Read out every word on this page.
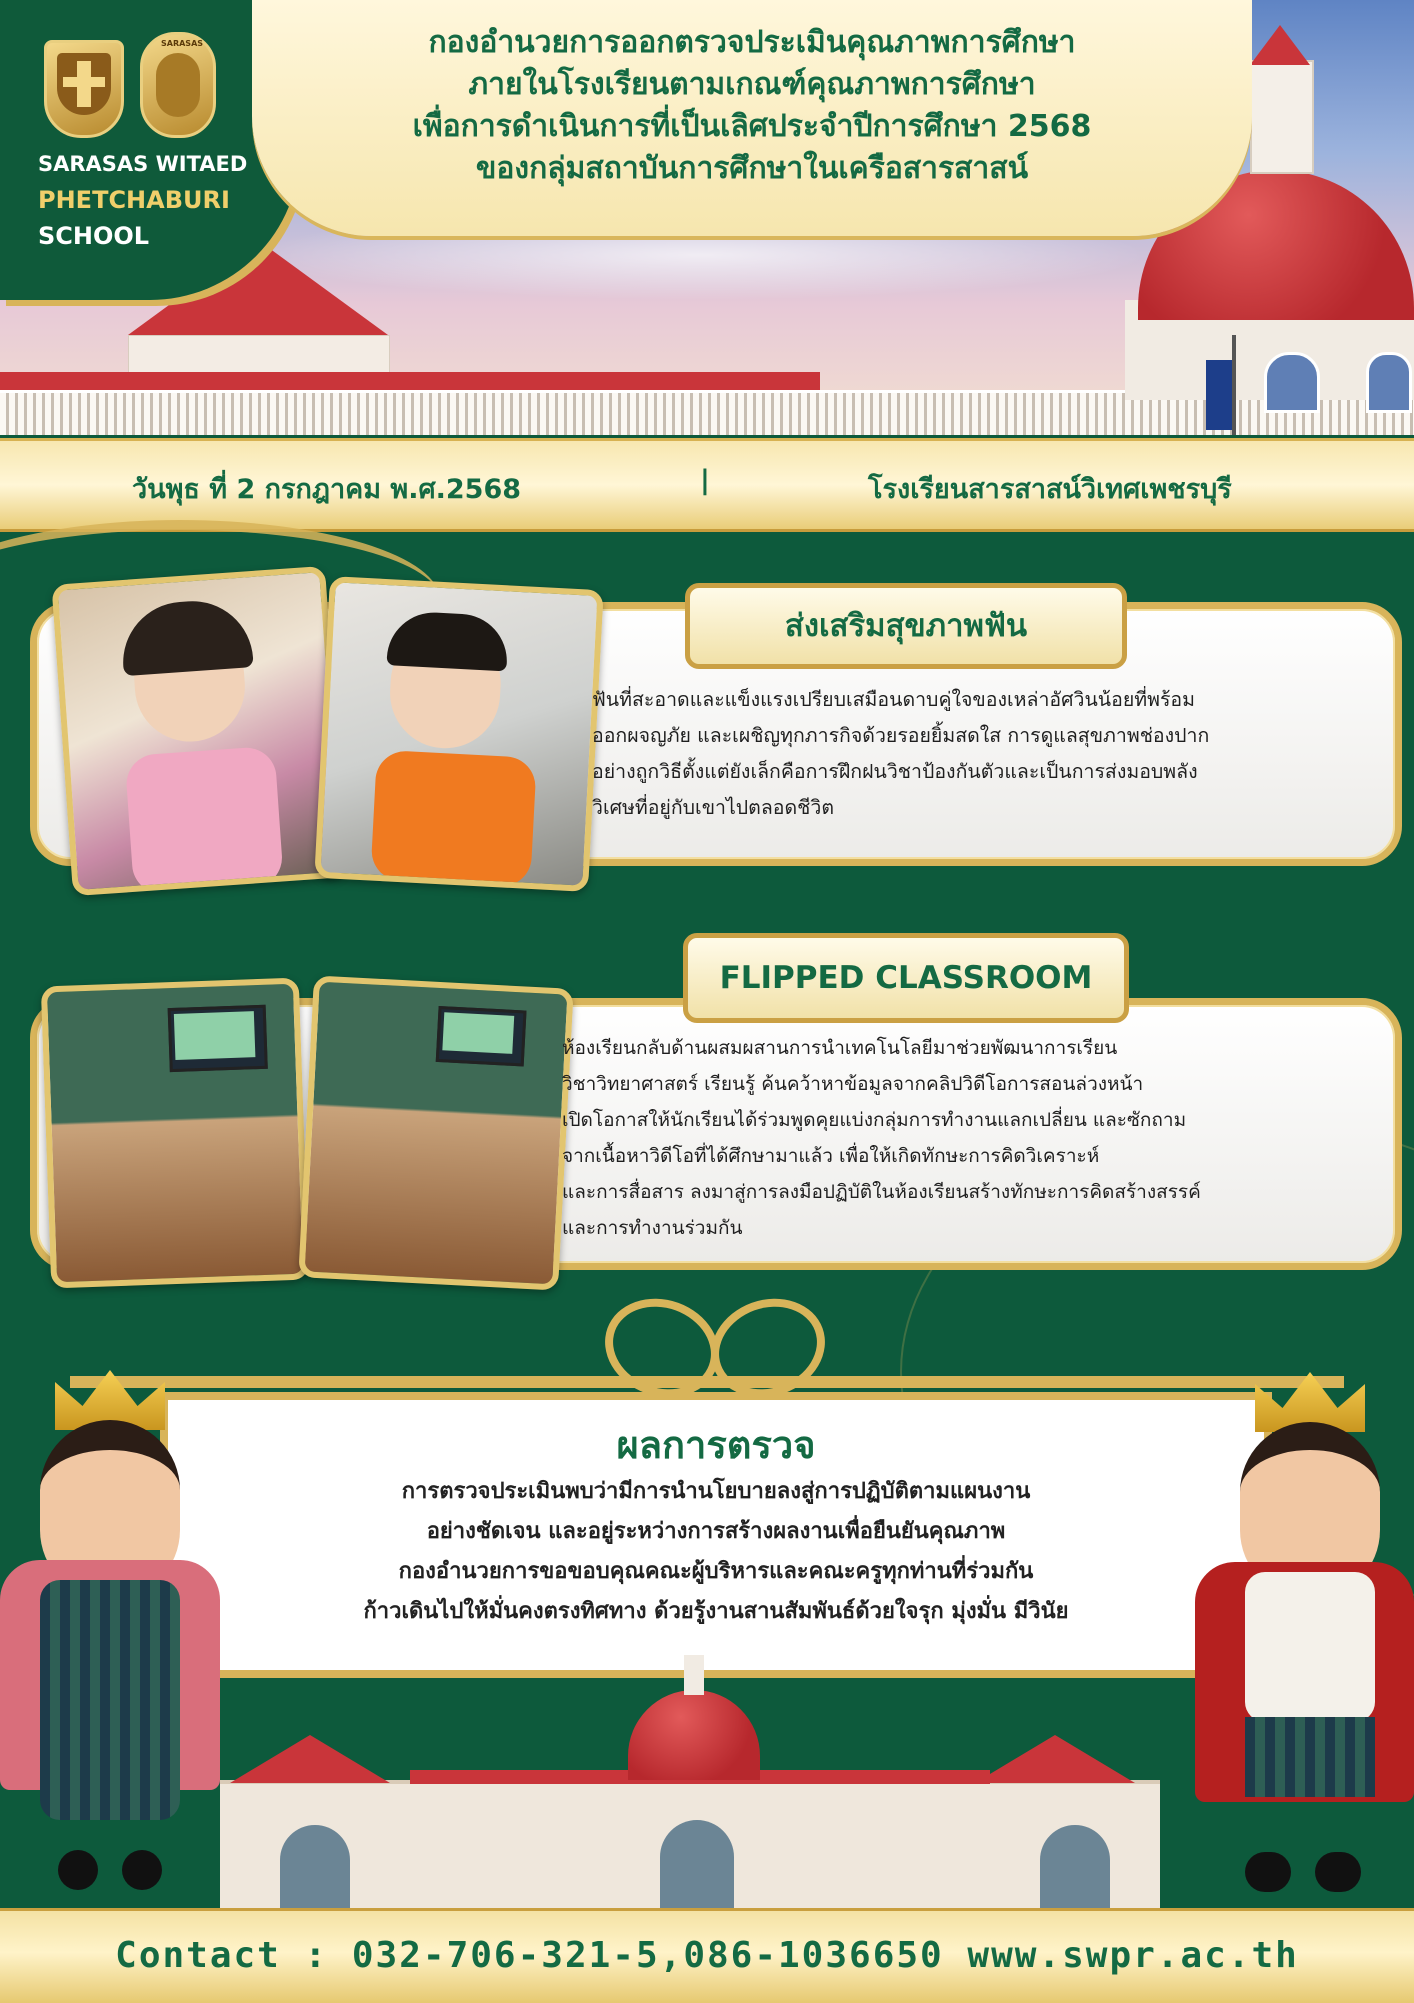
SARASAS
SARASAS WITAED
PHETCHABURI
SCHOOL
กองอำนวยการออกตรวจประเมินคุณภาพการศึกษา
ภายในโรงเรียนตามเกณฑ์คุณภาพการศึกษา
เพื่อการดำเนินการที่เป็นเลิศประจำปีการศึกษา 2568
ของกลุ่มสถาบันการศึกษาในเครือสารสาสน์
วันพุธ ที่ 2 กรกฎาคม พ.ศ.2568	|	โรงเรียนสารสาสน์วิเทศเพชรบุรี
ส่งเสริมสุขภาพฟัน
ฟันที่สะอาดและแข็งแรงเปรียบเสมือนดาบคู่ใจของเหล่าอัศวินน้อยที่พร้อม
ออกผจญภัย และเผชิญทุกภารกิจด้วยรอยยิ้มสดใส การดูแลสุขภาพช่องปาก
อย่างถูกวิธีตั้งแต่ยังเล็กคือการฝึกฝนวิชาป้องกันตัวและเป็นการส่งมอบพลัง
วิเศษที่อยู่กับเขาไปตลอดชีวิต
FLIPPED CLASSROOM
ห้องเรียนกลับด้านผสมผสานการนำเทคโนโลยีมาช่วยพัฒนาการเรียน
วิชาวิทยาศาสตร์ เรียนรู้ ค้นคว้าหาข้อมูลจากคลิปวิดีโอการสอนล่วงหน้า
เปิดโอกาสให้นักเรียนได้ร่วมพูดคุยแบ่งกลุ่มการทำงานแลกเปลี่ยน และซักถาม
จากเนื้อหาวิดีโอที่ได้ศึกษามาแล้ว เพื่อให้เกิดทักษะการคิดวิเคราะห์
และการสื่อสาร ลงมาสู่การลงมือปฏิบัติในห้องเรียนสร้างทักษะการคิดสร้างสรรค์
และการทำงานร่วมกัน
ผลการตรวจ
การตรวจประเมินพบว่ามีการนำนโยบายลงสู่การปฏิบัติตามแผนงาน
อย่างชัดเจน และอยู่ระหว่างการสร้างผลงานเพื่อยืนยันคุณภาพ
กองอำนวยการขอขอบคุณคณะผู้บริหารและคณะครูทุกท่านที่ร่วมกัน
ก้าวเดินไปให้มั่นคงตรงทิศทาง ด้วยรู้งานสานสัมพันธ์ด้วยใจรุก มุ่งมั่น มีวินัย
Contact : 032-706-321-5,086-1036650 www.swpr.ac.th
